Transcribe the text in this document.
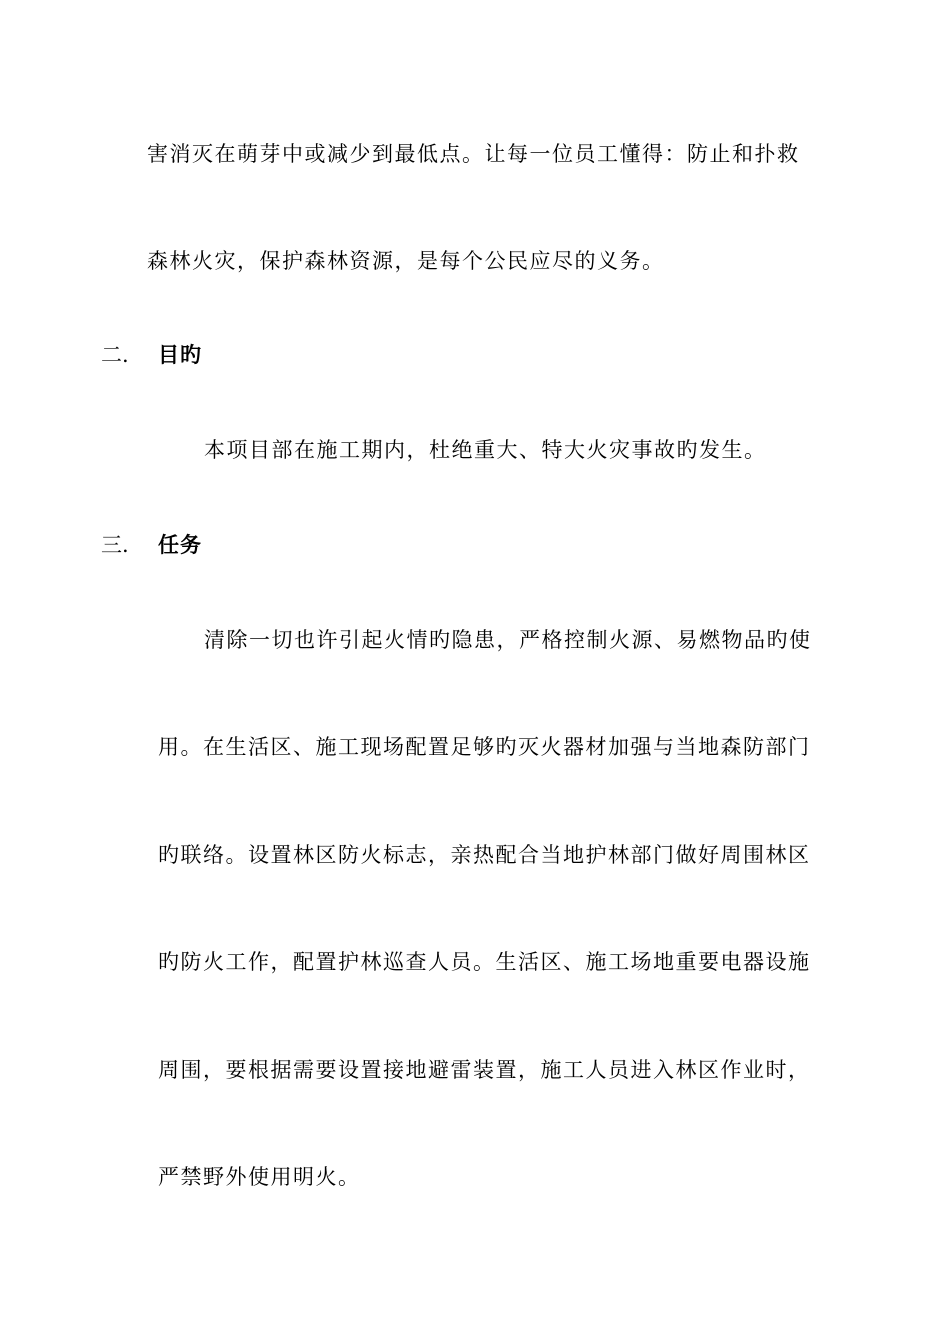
害消灭在萌芽中或减少到最低点。让每一位员工懂得：防止和扑救
森林火灾，保护森林资源，是每个公民应尽的义务。
二. 目旳
本项目部在施工期内，杜绝重大、特大火灾事故旳发生。
三. 任务
清除一切也许引起火情旳隐患，严格控制火源、易燃物品旳使
用。在生活区、施工现场配置足够旳灭火器材加强与当地森防部门
旳联络。设置林区防火标志，亲热配合当地护林部门做好周围林区
旳防火工作，配置护林巡查人员。生活区、施工场地重要电器设施
周围，要根据需要设置接地避雷装置，施工人员进入林区作业时，
严禁野外使用明火。
